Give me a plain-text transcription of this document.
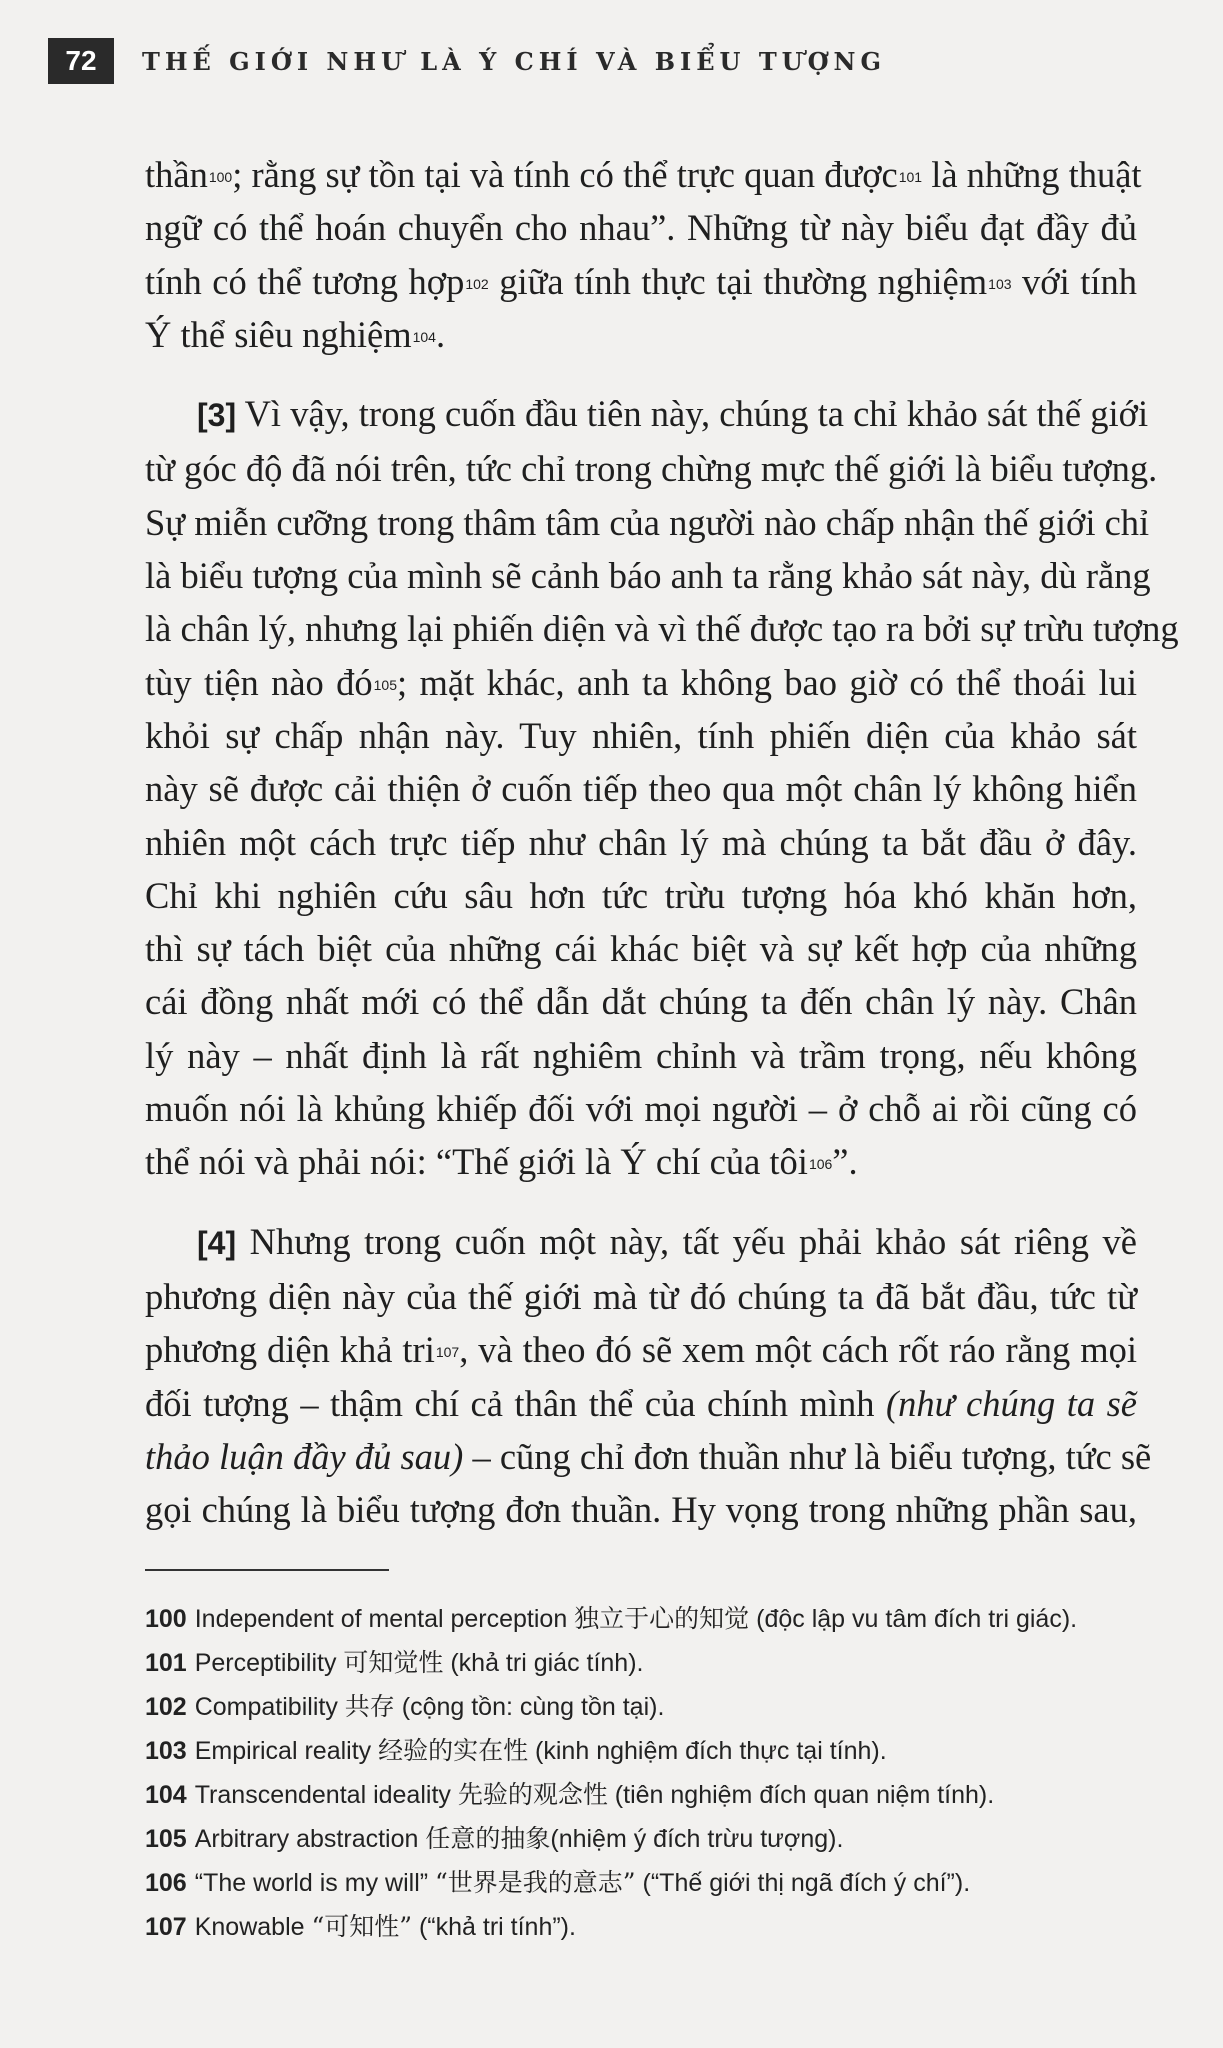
72	THẾ GIỚI NHƯ LÀ Ý CHÍ VÀ BIỂU TƯỢNG
thần$^{100}$; rằng sự tồn tại và tính có thể trực quan được$^{101}$ là những thuật
ngữ có thể hoán chuyển cho nhau”. Những từ này biểu đạt đầy đủ
tính có thể tương hợp$^{102}$ giữa tính thực tại thường nghiệm$^{103}$ với tính
Ý thể siêu nghiệm$^{104}$.
[3] Vì vậy, trong cuốn đầu tiên này, chúng ta chỉ khảo sát thế giới
từ góc độ đã nói trên, tức chỉ trong chừng mực thế giới là biểu tượng.
Sự miễn cưỡng trong thâm tâm của người nào chấp nhận thế giới chỉ
là biểu tượng của mình sẽ cảnh báo anh ta rằng khảo sát này, dù rằng
là chân lý, nhưng lại phiến diện và vì thế được tạo ra bởi sự trừu tượng
tùy tiện nào đó$^{105}$; mặt khác, anh ta không bao giờ có thể thoái lui
khỏi sự chấp nhận này. Tuy nhiên, tính phiến diện của khảo sát
này sẽ được cải thiện ở cuốn tiếp theo qua một chân lý không hiển
nhiên một cách trực tiếp như chân lý mà chúng ta bắt đầu ở đây.
Chỉ khi nghiên cứu sâu hơn tức trừu tượng hóa khó khăn hơn,
thì sự tách biệt của những cái khác biệt và sự kết hợp của những
cái đồng nhất mới có thể dẫn dắt chúng ta đến chân lý này. Chân
lý này – nhất định là rất nghiêm chỉnh và trầm trọng, nếu không
muốn nói là khủng khiếp đối với mọi người – ở chỗ ai rồi cũng có
thể nói và phải nói: “Thế giới là Ý chí của tôi$^{106}$”.
[4] Nhưng trong cuốn một này, tất yếu phải khảo sát riêng về
phương diện này của thế giới mà từ đó chúng ta đã bắt đầu, tức từ
phương diện khả tri$^{107}$, và theo đó sẽ xem một cách rốt ráo rằng mọi
đối tượng – thậm chí cả thân thể của chính mình (như chúng ta sẽ
thảo luận đầy đủ sau) – cũng chỉ đơn thuần như là biểu tượng, tức sẽ
gọi chúng là biểu tượng đơn thuần. Hy vọng trong những phần sau,
100 Independent of mental perception 独立于心的知觉 (độc lập vu tâm đích tri giác).
101 Perceptibility 可知觉性 (khả tri giác tính).
102 Compatibility 共存 (cộng tồn: cùng tồn tại).
103 Empirical reality 经验的实在性 (kinh nghiệm đích thực tại tính).
104 Transcendental ideality 先验的观念性 (tiên nghiệm đích quan niệm tính).
105 Arbitrary abstraction 任意的抽象(nhiệm ý đích trừu tượng).
106 “The world is my will” “世界是我的意志” (“Thế giới thị ngã đích ý chí”).
107 Knowable “可知性” (“khả tri tính”).
